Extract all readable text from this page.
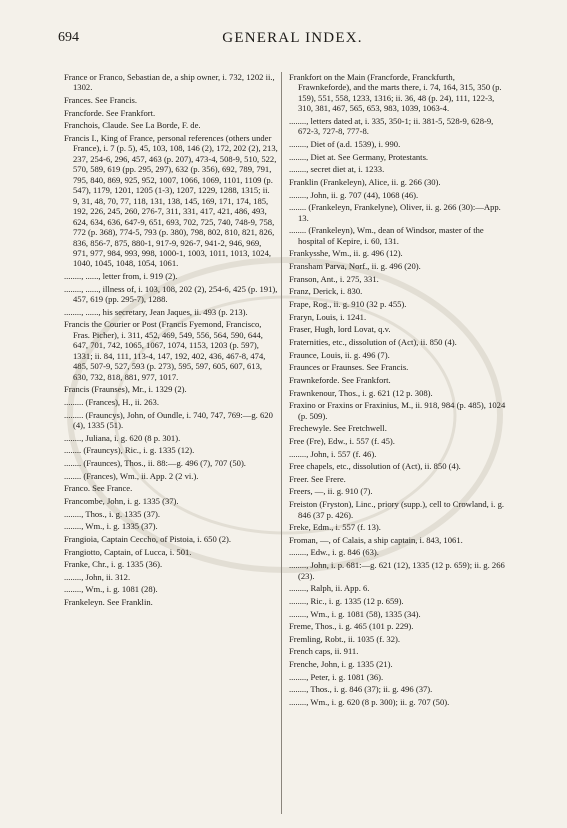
694	GENERAL INDEX.

France or Franco, Sebastian de, a ship owner, i. 732, 1202 ii., 1302.

Frances. See Francis.

Francforde. See Frankfort.

Franchois, Claude. See La Borde, F. de.

Francis I., King of France, personal references (others under France), i. 7 (p. 5), 45, 103, 108, 146 (2), 172, 202 (2), 213, 237, 254-6, 296, 457, 463 (p. 207), 473-4, 508-9, 510, 522, 570, 589, 619 (pp. 295, 297), 632 (p. 356), 692, 789, 791, 795, 840, 869, 925, 952, 1007, 1066, 1069, 1101, 1109 (p. 547), 1179, 1201, 1205 (1-3), 1207, 1229, 1288, 1315; ii. 9, 31, 48, 70, 77, 118, 131, 138, 145, 169, 171, 174, 185, 192, 226, 245, 260, 276-7, 311, 331, 417, 421, 486, 493, 624, 634, 636, 647-9, 651, 693, 702, 725, 740, 748-9, 758, 772 (p. 368), 774-5, 793 (p. 380), 798, 802, 810, 821, 826, 836, 856-7, 875, 880-1, 917-9, 926-7, 941-2, 946, 969, 971, 977, 984, 993, 998, 1000-1, 1003, 1011, 1013, 1024, 1040, 1045, 1048, 1054, 1061.

........, ......, letter from, i. 919 (2).

........, ......, illness of, i. 103, 108, 202 (2), 254-6, 425 (p. 191), 457, 619 (pp. 295-7), 1288.

........, ......, his secretary, Jean Jaques, ii. 493 (p. 213).

Francis the Courier or Post (Francis Fyemond, Francisco, Fras. Picher), i. 311, 452, 469, 549, 556, 564, 590, 644, 647, 701, 742, 1065, 1067, 1074, 1153, 1203 (p. 597), 1331; ii. 84, 111, 113-4, 147, 192, 402, 436, 467-8, 474, 485, 507-9, 527, 593 (p. 273), 595, 597, 605, 607, 613, 630, 732, 818, 881, 977, 1017.

Francis (Fraunses), Mr., i. 1329 (2).

......... (Frances), H., ii. 263.

......... (Frauncys), John, of Oundle, i. 740, 747, 769:—g. 620 (4), 1335 (51).

........, Juliana, i. g. 620 (8 p. 301).

........ (Frauncys), Ric., i. g. 1335 (12).

........ (Fraunces), Thos., ii. 88:—g. 496 (7), 707 (50).

........ (Frances), Wm., ii. App. 2 (2 vi.).

Franco. See France.

Francombe, John, i. g. 1335 (37).

........, Thos., i. g. 1335 (37).

........, Wm., i. g. 1335 (37).

Frangioia, Captain Ceccho, of Pistoia, i. 650 (2).

Frangiotto, Captain, of Lucca, i. 501.

Franke, Chr., i. g. 1335 (36).

........, John, ii. 312.

........, Wm., i. g. 1081 (28).

Frankeleyn. See Franklin.

Frankfort on the Main (Francforde, Franckfurth, Frawnkeforde), and the marts there, i. 74, 164, 315, 350 (p. 159), 551, 558, 1233, 1316; ii. 36, 48 (p. 24), 111, 122-3, 310, 381, 467, 565, 653, 983, 1039, 1063-4.

........, letters dated at, i. 335, 350-1; ii. 381-5, 528-9, 628-9, 672-3, 727-8, 777-8.

........, Diet of (a.d. 1539), i. 990.

........, Diet at. See Germany, Protestants.

........, secret diet at, i. 1233.

Franklin (Frankeleyn), Alice, ii. g. 266 (30).

........, John, ii. g. 707 (44), 1068 (46).

........ (Frankeleyn, Frankelyne), Oliver, ii. g. 266 (30):—App. 13.

........ (Frankeleyn), Wm., dean of Windsor, master of the hospital of Kepire, i. 60, 131.

Frankysshe, Wm., ii. g. 496 (12).

Fransham Parva, Norf., ii. g. 496 (20).

Franson, Ant., i. 275, 331.

Franz, Derick, i. 830.

Frape, Rog., ii. g. 910 (32 p. 455).

Fraryn, Louis, i. 1241.

Fraser, Hugh, lord Lovat, q.v.

Fraternities, etc., dissolution of (Act), ii. 850 (4).

Fraunce, Louis, ii. g. 496 (7).

Fraunces or Fraunses. See Francis.

Frawnkeforde. See Frankfort.

Frawnkenour, Thos., i. g. 621 (12 p. 308).

Fraxino or Fraxins or Fraxinius, M., ii. 918, 984 (p. 485), 1024 (p. 509).

Frechewyle. See Fretchwell.

Free (Fre), Edw., i. 557 (f. 45).

........, John, i. 557 (f. 46).

Free chapels, etc., dissolution of (Act), ii. 850 (4).

Freer. See Frere.

Freers, —, ii. g. 910 (7).

Freiston (Fryston), Linc., priory (supp.), cell to Crowland, i. g. 846 (37 p. 426).

Freke, Edm., i. 557 (f. 13).

Froman, —, of Calais, a ship captain, i. 843, 1061.

........, Edw., i. g. 846 (63).

........, John, i. p. 681:—g. 621 (12), 1335 (12 p. 659); ii. g. 266 (23).

........, Ralph, ii. App. 6.

........, Ric., i. g. 1335 (12 p. 659).

........, Wm., i. g. 1081 (58), 1335 (34).

Freme, Thos., i. g. 465 (101 p. 229).

Fremling, Robt., ii. 1035 (f. 32).

French caps, ii. 911.

Frenche, John, i. g. 1335 (21).

........, Peter, i. g. 1081 (36).

........, Thos., i. g. 846 (37); ii. g. 496 (37).

........, Wm., i. g. 620 (8 p. 300); ii. g. 707 (50).
